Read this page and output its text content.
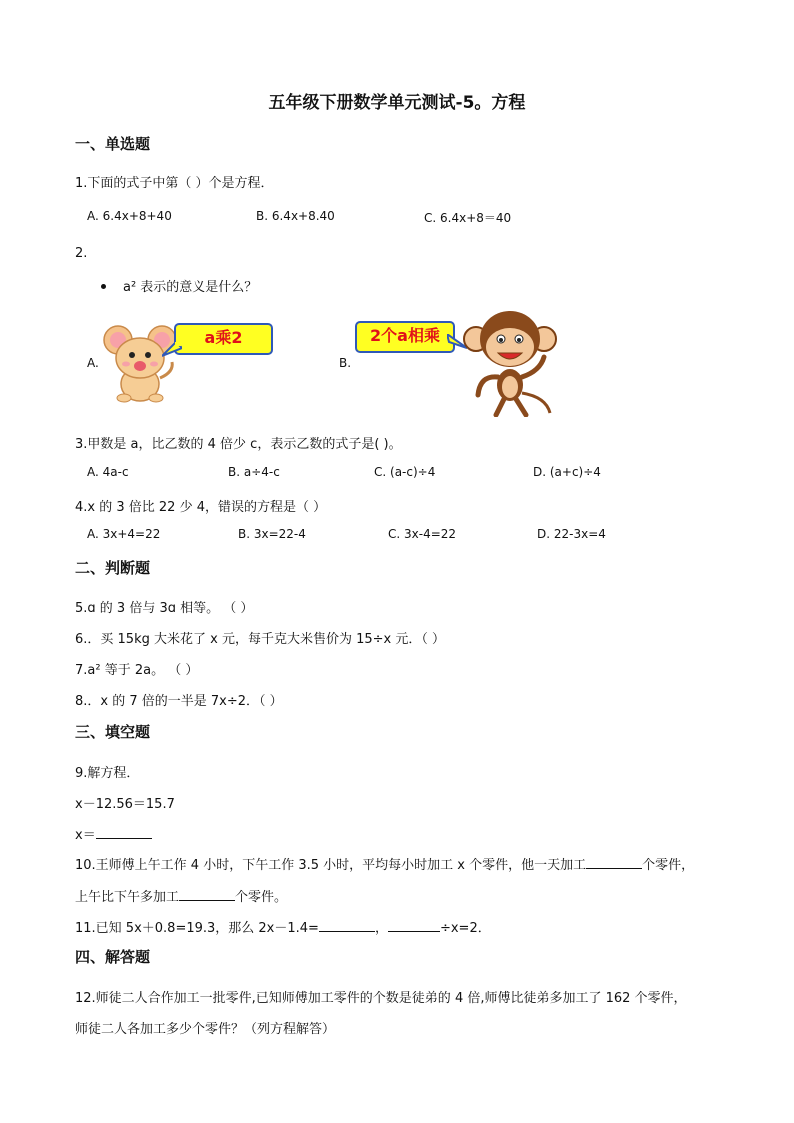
五年级下册数学单元测试-5。方程
一、单选题
1.下面的式子中第（ ）个是方程．
A. 6.4x+8+40	B. 6.4x+8.40	C. 6.4x+8＝40
2.
a² 表示的意义是什么？
A.
a乘2
B.
2个a相乘
3.甲数是 a，比乙数的 4 倍少 c，表示乙数的式子是( )。
A. 4a-c	B. a÷4-c	C. (a-c)÷4	D. (a+c)÷4
4.x 的 3 倍比 22 少 4，错误的方程是（ ）
A. 3x+4=22	B. 3x=22-4	C. 3x-4=22	D. 22-3x=4
二、判断题
5.ɑ 的 3 倍与 3ɑ 相等。 （ ）
6.．买 15kg 大米花了 x 元，每千克大米售价为 15÷x 元．（ ）
7.a² 等于 2a。 （ ）
8.．x 的 7 倍的一半是 7x÷2．（ ）
三、填空题
9.解方程．
x－12.56＝15.7
x＝
10.王师傅上午工作 4 小时，下午工作 3.5 小时，平均每小时加工 x 个零件，他一天加工	个零件，
上午比下午多加工	个零件。
11.已知 5x＋0.8=19.3，那么 2x－1.4=	，	÷x=2．
四、解答题
12.师徒二人合作加工一批零件,已知师傅加工零件的个数是徒弟的 4 倍,师傅比徒弟多加工了 162 个零件，
师徒二人各加工多少个零件？（列方程解答）
